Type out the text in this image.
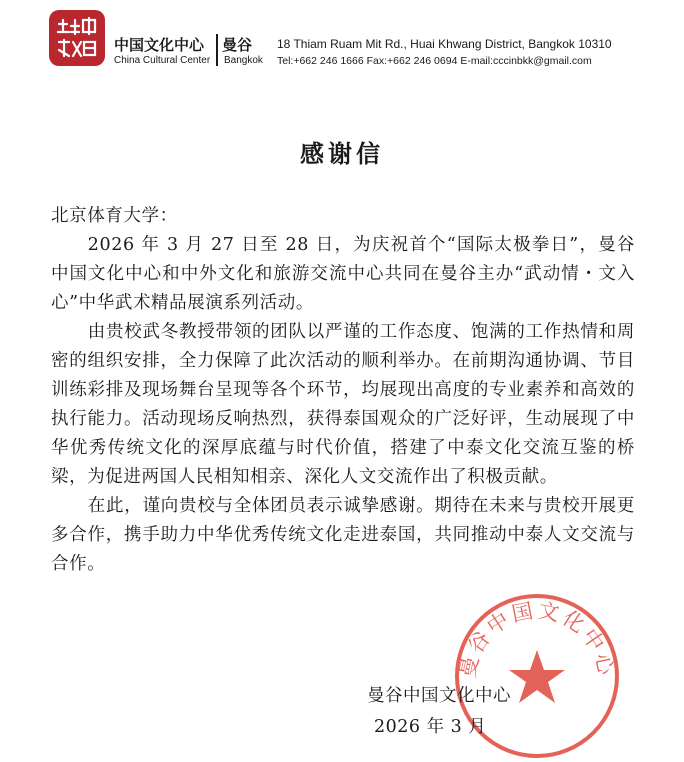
中国文化中心
China Cultural Center
曼谷
Bangkok
18 Thiam Ruam Mit Rd., Huai Khwang District, Bangkok 10310
Tel:+662 246 1666 Fax:+662 246 0694 E-mail:cccinbkk@gmail.com
感谢信

北京体育大学：

2026 年 3 月 27 日至 28 日，为庆祝首个“国际太极拳日”，曼谷中国文化中心和中外文化和旅游交流中心共同在曼谷主办“武动情・文入心”中华武术精品展演系列活动。

由贵校武冬教授带领的团队以严谨的工作态度、饱满的工作热情和周密的组织安排，全力保障了此次活动的顺利举办。在前期沟通协调、节目训练彩排及现场舞台呈现等各个环节，均展现出高度的专业素养和高效的执行能力。活动现场反响热烈，获得泰国观众的广泛好评，生动展现了中华优秀传统文化的深厚底蕴与时代价值，搭建了中泰文化交流互鉴的桥梁，为促进两国人民相知相亲、深化人文交流作出了积极贡献。

在此，谨向贵校与全体团员表示诚挚感谢。期待在未来与贵校开展更多合作，携手助力中华优秀传统文化走进泰国，共同推动中泰人文交流与合作。

曼谷中国文化中心
曼谷中国文化中心
2026 年 3 月
